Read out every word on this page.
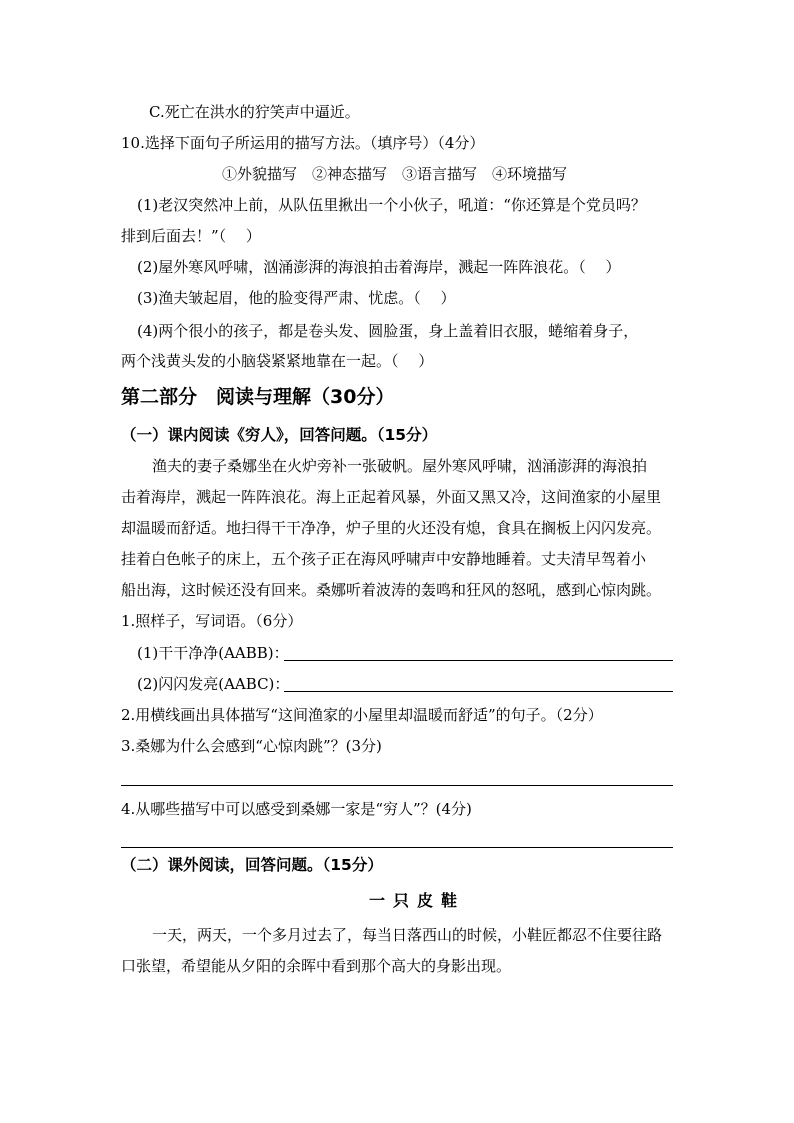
C.死亡在洪水的狞笑声中逼近。
10.选择下面句子所运用的描写方法。（填序号）（4分）
①外貌描写　②神态描写　③语言描写　④环境描写
(1)老汉突然冲上前，从队伍里揪出一个小伙子，吼道：“你还算是个党员吗？
排到后面去！”（　 ）
(2)屋外寒风呼啸，汹涌澎湃的海浪拍击着海岸，溅起一阵阵浪花。（　 ）
(3)渔夫皱起眉，他的脸变得严肃、忧虑。（　 ）
(4)两个很小的孩子，都是卷头发、圆脸蛋，身上盖着旧衣服，蜷缩着身子，
两个浅黄头发的小脑袋紧紧地靠在一起。（　 ）
第二部分　阅读与理解（30分）
（一）课内阅读《穷人》，回答问题。（15分）
渔夫的妻子桑娜坐在火炉旁补一张破帆。屋外寒风呼啸，汹涌澎湃的海浪拍
击着海岸，溅起一阵阵浪花。海上正起着风暴，外面又黑又冷，这间渔家的小屋里
却温暖而舒适。地扫得干干净净，炉子里的火还没有熄，食具在搁板上闪闪发亮。
挂着白色帐子的床上，五个孩子正在海风呼啸声中安静地睡着。丈夫清早驾着小
船出海，这时候还没有回来。桑娜听着波涛的轰鸣和狂风的怒吼，感到心惊肉跳。
1.照样子，写词语。（6分）
(1)干干净净(AABB)：
(2)闪闪发亮(AABC)：
2.用横线画出具体描写“这间渔家的小屋里却温暖而舒适”的句子。（2分）
3.桑娜为什么会感到“心惊肉跳”？(3分)
4.从哪些描写中可以感受到桑娜一家是“穷人”？(4分)
（二）课外阅读，回答问题。（15分）
一只皮鞋
一天，两天，一个多月过去了，每当日落西山的时候，小鞋匠都忍不住要往路
口张望，希望能从夕阳的余晖中看到那个高大的身影出现。
